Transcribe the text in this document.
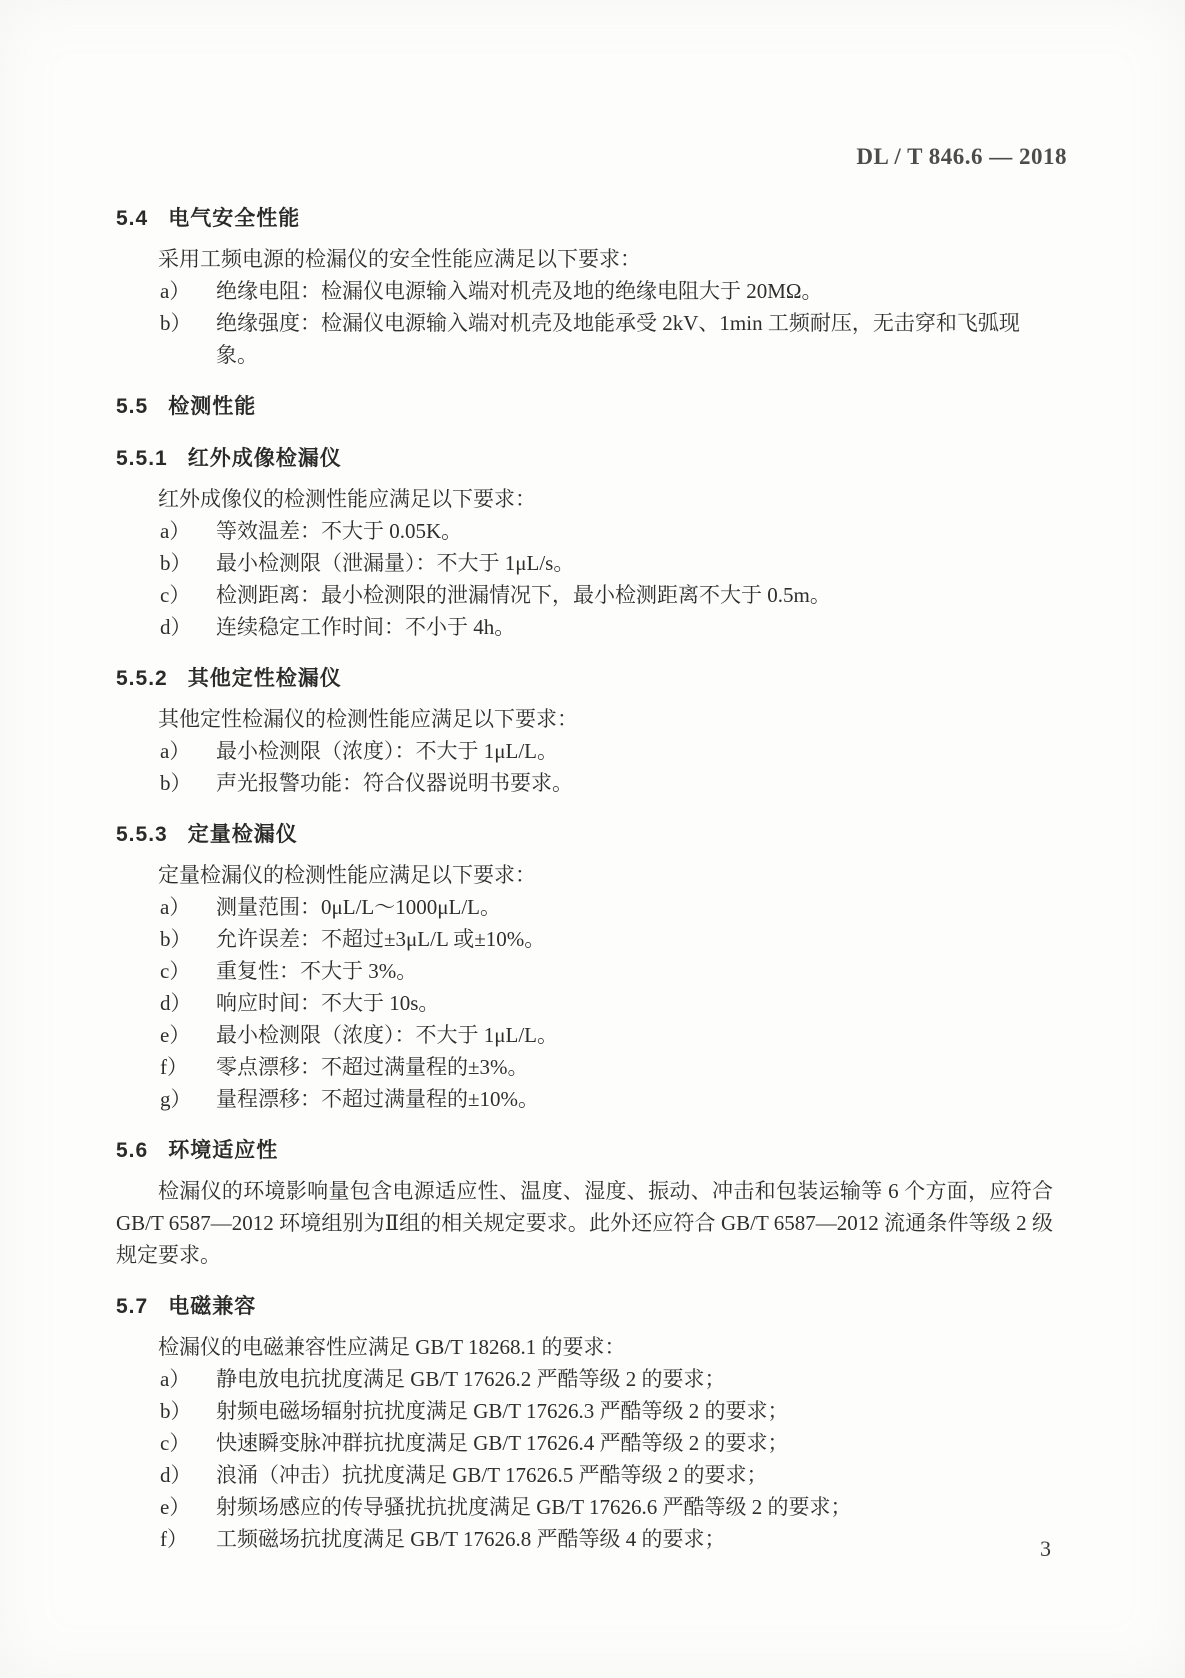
DL / T 846.6 — 2018
5.4 电气安全性能

采用工频电源的检漏仪的安全性能应满足以下要求：

a）	绝缘电阻：检漏仪电源输入端对机壳及地的绝缘电阻大于 20MΩ。
b）	绝缘强度：检漏仪电源输入端对机壳及地能承受 2kV、1min 工频耐压，无击穿和飞弧现象。
5.5 检测性能
5.5.1 红外成像检漏仪

红外成像仪的检测性能应满足以下要求：

a）	等效温差：不大于 0.05K。
b）	最小检测限（泄漏量）：不大于 1μL/s。
c）	检测距离：最小检测限的泄漏情况下，最小检测距离不大于 0.5m。
d）	连续稳定工作时间：不小于 4h。
5.5.2 其他定性检漏仪

其他定性检漏仪的检测性能应满足以下要求：

a）	最小检测限（浓度）：不大于 1μL/L。
b）	声光报警功能：符合仪器说明书要求。
5.5.3 定量检漏仪

定量检漏仪的检测性能应满足以下要求：

a）	测量范围：0μL/L～1000μL/L。
b）	允许误差：不超过±3μL/L 或±10%。
c）	重复性：不大于 3%。
d）	响应时间：不大于 10s。
e）	最小检测限（浓度）：不大于 1μL/L。
f）	零点漂移：不超过满量程的±3%。
g）	量程漂移：不超过满量程的±10%。
5.6 环境适应性

检漏仪的环境影响量包含电源适应性、温度、湿度、振动、冲击和包装运输等 6 个方面，应符合 GB/T 6587—2012 环境组别为Ⅱ组的相关规定要求。此外还应符合 GB/T 6587—2012 流通条件等级 2 级规定要求。

5.7 电磁兼容

检漏仪的电磁兼容性应满足 GB/T 18268.1 的要求：

a）	静电放电抗扰度满足 GB/T 17626.2 严酷等级 2 的要求；
b）	射频电磁场辐射抗扰度满足 GB/T 17626.3 严酷等级 2 的要求；
c）	快速瞬变脉冲群抗扰度满足 GB/T 17626.4 严酷等级 2 的要求；
d）	浪涌（冲击）抗扰度满足 GB/T 17626.5 严酷等级 2 的要求；
e）	射频场感应的传导骚扰抗扰度满足 GB/T 17626.6 严酷等级 2 的要求；
f）	工频磁场抗扰度满足 GB/T 17626.8 严酷等级 4 的要求；	3
